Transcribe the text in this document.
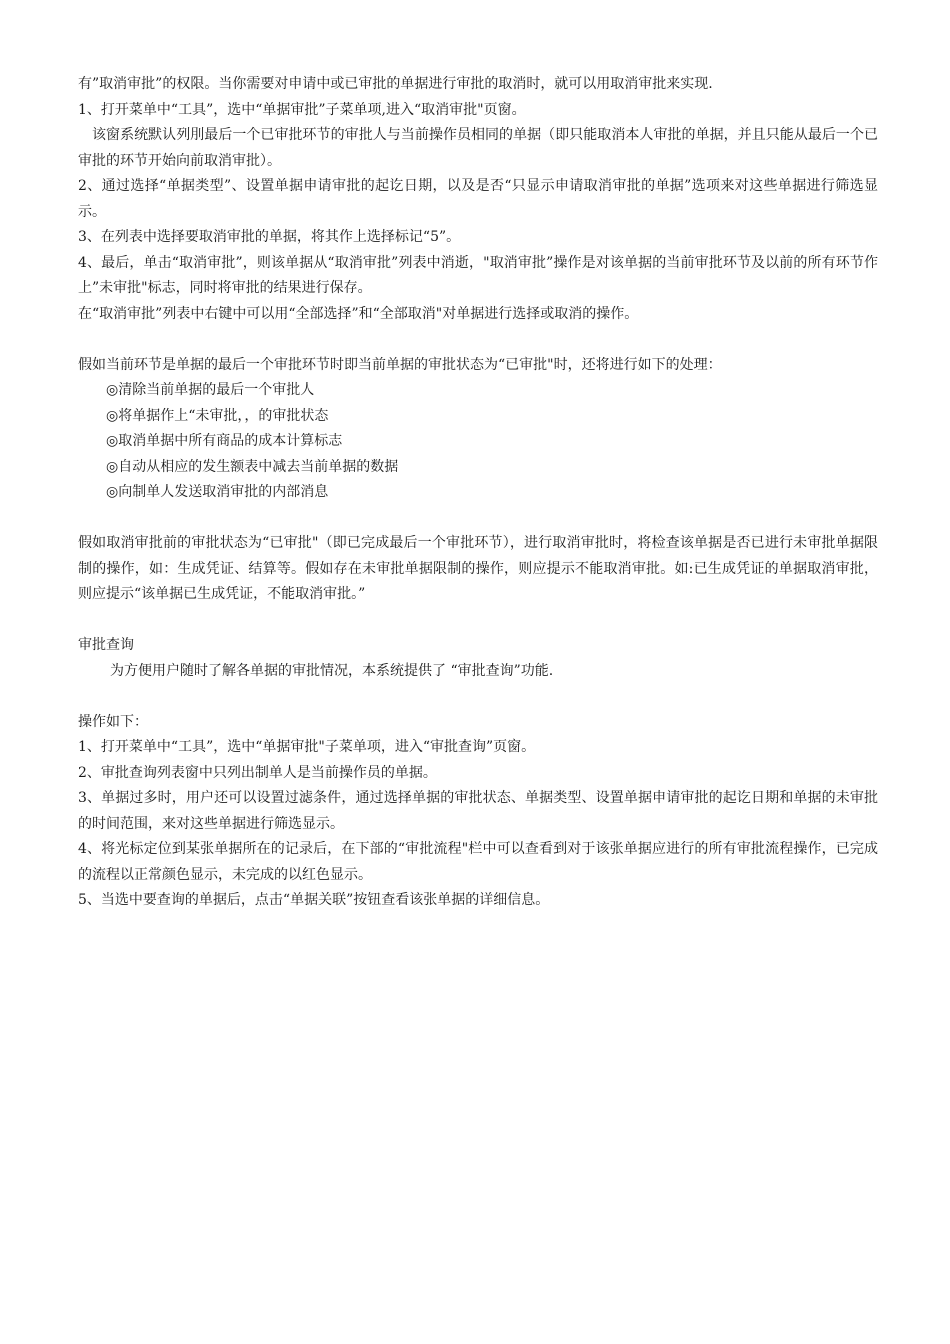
有”取消审批”的权限。当你需要对申请中或已审批的单据进行审批的取消时，就可以用取消审批来实现.

1、打开菜单中“工具”，选中“单据审批”子菜单项,进入“取消审批"页窗。

该窗系统默认列刖最后一个已审批环节的审批人与当前操作员相同的单据（即只能取消本人审批的单据，并且只能从最后一个已审批的环节开始向前取消审批）。

2、通过选择“单据类型”、设置单据申请审批的起讫日期，以及是否“只显示申请取消审批的单据”选项来对这些单据进行筛选显示。

3、在列表中选择要取消审批的单据，将其作上选择标记“5”。

4、最后，单击“取消审批”，则该单据从“取消审批”列表中消逝，"取消审批”操作是对该单据的当前审批环节及以前的所有环节作上”未审批"标志，同时将审批的结果进行保存。

在“取消审批”列表中右键中可以用“全部选择”和“全部取消"对单据进行选择或取消的操作。

假如当前环节是单据的最后一个审批环节时即当前单据的审批状态为“已审批"时，还将进行如下的处理：

◎清除当前单据的最后一个审批人

◎将单据作上“未审批，，的审批状态

◎取消单据中所有商品的成本计算标志

◎自动从相应的发生额表中减去当前单据的数据

◎向制单人发送取消审批的内部消息

假如取消审批前的审批状态为“已审批"（即已完成最后一个审批环节），进行取消审批时，将检查该单据是否已进行未审批单据限制的操作，如：生成凭证、结算等。假如存在未审批单据限制的操作，则应提示不能取消审批。如:已生成凭证的单据取消审批，则应提示“该单据已生成凭证，不能取消审批。”

审批查询

为方便用户随时了解各单据的审批情况，本系统提供了 “审批查询”功能.

操作如下：

1、打开菜单中“工具”，选中“单据审批"子菜单项，进入“审批查询”页窗。

2、审批查询列表窗中只列出制单人是当前操作员的单据。

3、单据过多时，用户还可以设置过滤条件，通过选择单据的审批状态、单据类型、设置单据申请审批的起讫日期和单据的未审批的时间范围，来对这些单据进行筛选显示。

4、将光标定位到某张单据所在的记录后，在下部的“审批流程"栏中可以查看到对于该张单据应进行的所有审批流程操作，已完成的流程以正常颜色显示，未完成的以红色显示。

5、当选中要查询的单据后，点击“单据关联”按钮查看该张单据的详细信息。
